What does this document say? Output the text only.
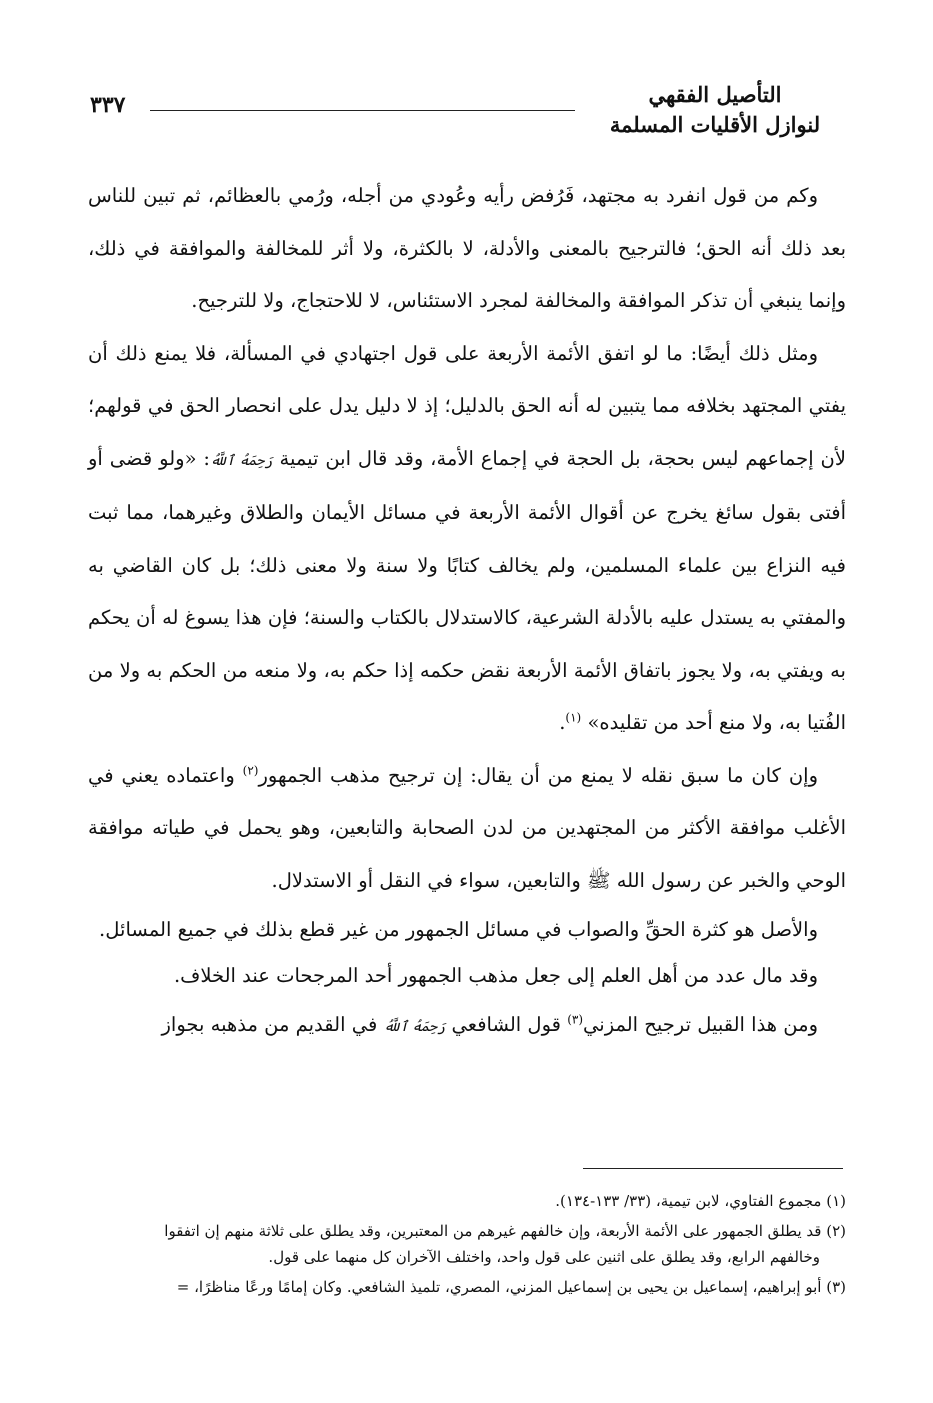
التأصيل الفقهي
لنوازل الأقليات المسلمة
٣٣٧

وكم من قول انفرد به مجتهد، فَرُفض رأيه وعُودي من أجله، ورُمي بالعظائم، ثم تبين للناس بعد ذلك أنه الحق؛ فالترجيح بالمعنى والأدلة، لا بالكثرة، ولا أثر للمخالفة والموافقة في ذلك، وإنما ينبغي أن تذكر الموافقة والمخالفة لمجرد الاستئناس، لا للاحتجاج، ولا للترجيح.

ومثل ذلك أيضًا: ما لو اتفق الأئمة الأربعة على قول اجتهادي في المسألة، فلا يمنع ذلك أن يفتي المجتهد بخلافه مما يتبين له أنه الحق بالدليل؛ إذ لا دليل يدل على انحصار الحق في قولهم؛ لأن إجماعهم ليس بحجة، بل الحجة في إجماع الأمة، وقد قال ابن تيمية رَحِمَهُ ٱللَّهُ: «ولو قضى أو أفتى بقول سائغ يخرج عن أقوال الأئمة الأربعة في مسائل الأيمان والطلاق وغيرهما، مما ثبت فيه النزاع بين علماء المسلمين، ولم يخالف كتابًا ولا سنة ولا معنى ذلك؛ بل كان القاضي به والمفتي به يستدل عليه بالأدلة الشرعية، كالاستدلال بالكتاب والسنة؛ فإن هذا يسوغ له أن يحكم به ويفتي به، ولا يجوز باتفاق الأئمة الأربعة نقض حكمه إذا حكم به، ولا منعه من الحكم به ولا من الفُتيا به، ولا منع أحد من تقليده» $^{(١)}$.

وإن كان ما سبق نقله لا يمنع من أن يقال: إن ترجيح مذهب الجمهور$^{(٢)}$ واعتماده يعني في الأغلب موافقة الأكثر من المجتهدين من لدن الصحابة والتابعين، وهو يحمل في طياته موافقة الوحي والخبر عن رسول الله ﷺ والتابعين، سواء في النقل أو الاستدلال.

والأصل هو كثرة الحقِّ والصواب في مسائل الجمهور من غير قطع بذلك في جميع المسائل.

وقد مال عدد من أهل العلم إلى جعل مذهب الجمهور أحد المرجحات عند الخلاف.

ومن هذا القبيل ترجيح المزني$^{(٣)}$ قول الشافعي رَحِمَهُ ٱللَّهُ في القديم من مذهبه بجواز

(١) مجموع الفتاوي، لابن تيمية، (٣٣/ ١٣٣-١٣٤).

(٢) قد يطلق الجمهور على الأئمة الأربعة، وإن خالفهم غيرهم من المعتبرين، وقد يطلق على ثلاثة منهم إن اتفقوا
وخالفهم الرابع، وقد يطلق على اثنين على قول واحد، واختلف الآخران كل منهما على قول.

(٣) أبو إبراهيم، إسماعيل بن يحيى بن إسماعيل المزني، المصري، تلميذ الشافعي. وكان إمامًا ورعًا مناظرًا، =
